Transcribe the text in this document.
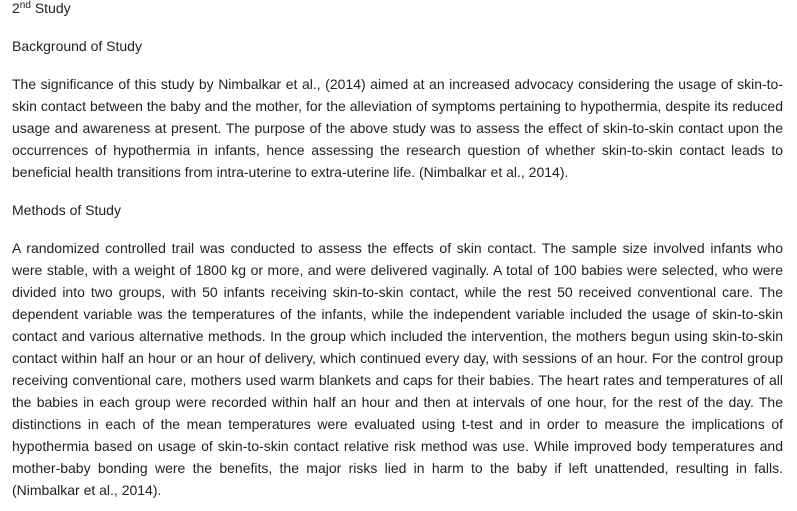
2nd Study
Background of Study

The significance of this study by Nimbalkar et al., (2014) aimed at an increased advocacy considering the usage of skin-to-skin contact between the baby and the mother, for the alleviation of symptoms pertaining to hypothermia, despite its reduced usage and awareness at present. The purpose of the above study was to assess the effect of skin-to-skin contact upon the occurrences of hypothermia in infants, hence assessing the research question of whether skin-to-skin contact leads to beneficial health transitions from intra-uterine to extra-uterine life. (Nimbalkar et al., 2014).

Methods of Study

A randomized controlled trail was conducted to assess the effects of skin contact. The sample size involved infants who were stable, with a weight of 1800 kg or more, and were delivered vaginally. A total of 100 babies were selected, who were divided into two groups, with 50 infants receiving skin-to-skin contact, while the rest 50 received conventional care. The dependent variable was the temperatures of the infants, while the independent variable included the usage of skin-to-skin contact and various alternative methods. In the group which included the intervention, the mothers begun using skin-to-skin contact within half an hour or an hour of delivery, which continued every day, with sessions of an hour. For the control group receiving conventional care, mothers used warm blankets and caps for their babies. The heart rates and temperatures of all the babies in each group were recorded within half an hour and then at intervals of one hour, for the rest of the day. The distinctions in each of the mean temperatures were evaluated using t-test and in order to measure the implications of hypothermia based on usage of skin-to-skin contact relative risk method was use. While improved body temperatures and mother-baby bonding were the benefits, the major risks lied in harm to the baby if left unattended, resulting in falls. (Nimbalkar et al., 2014).
